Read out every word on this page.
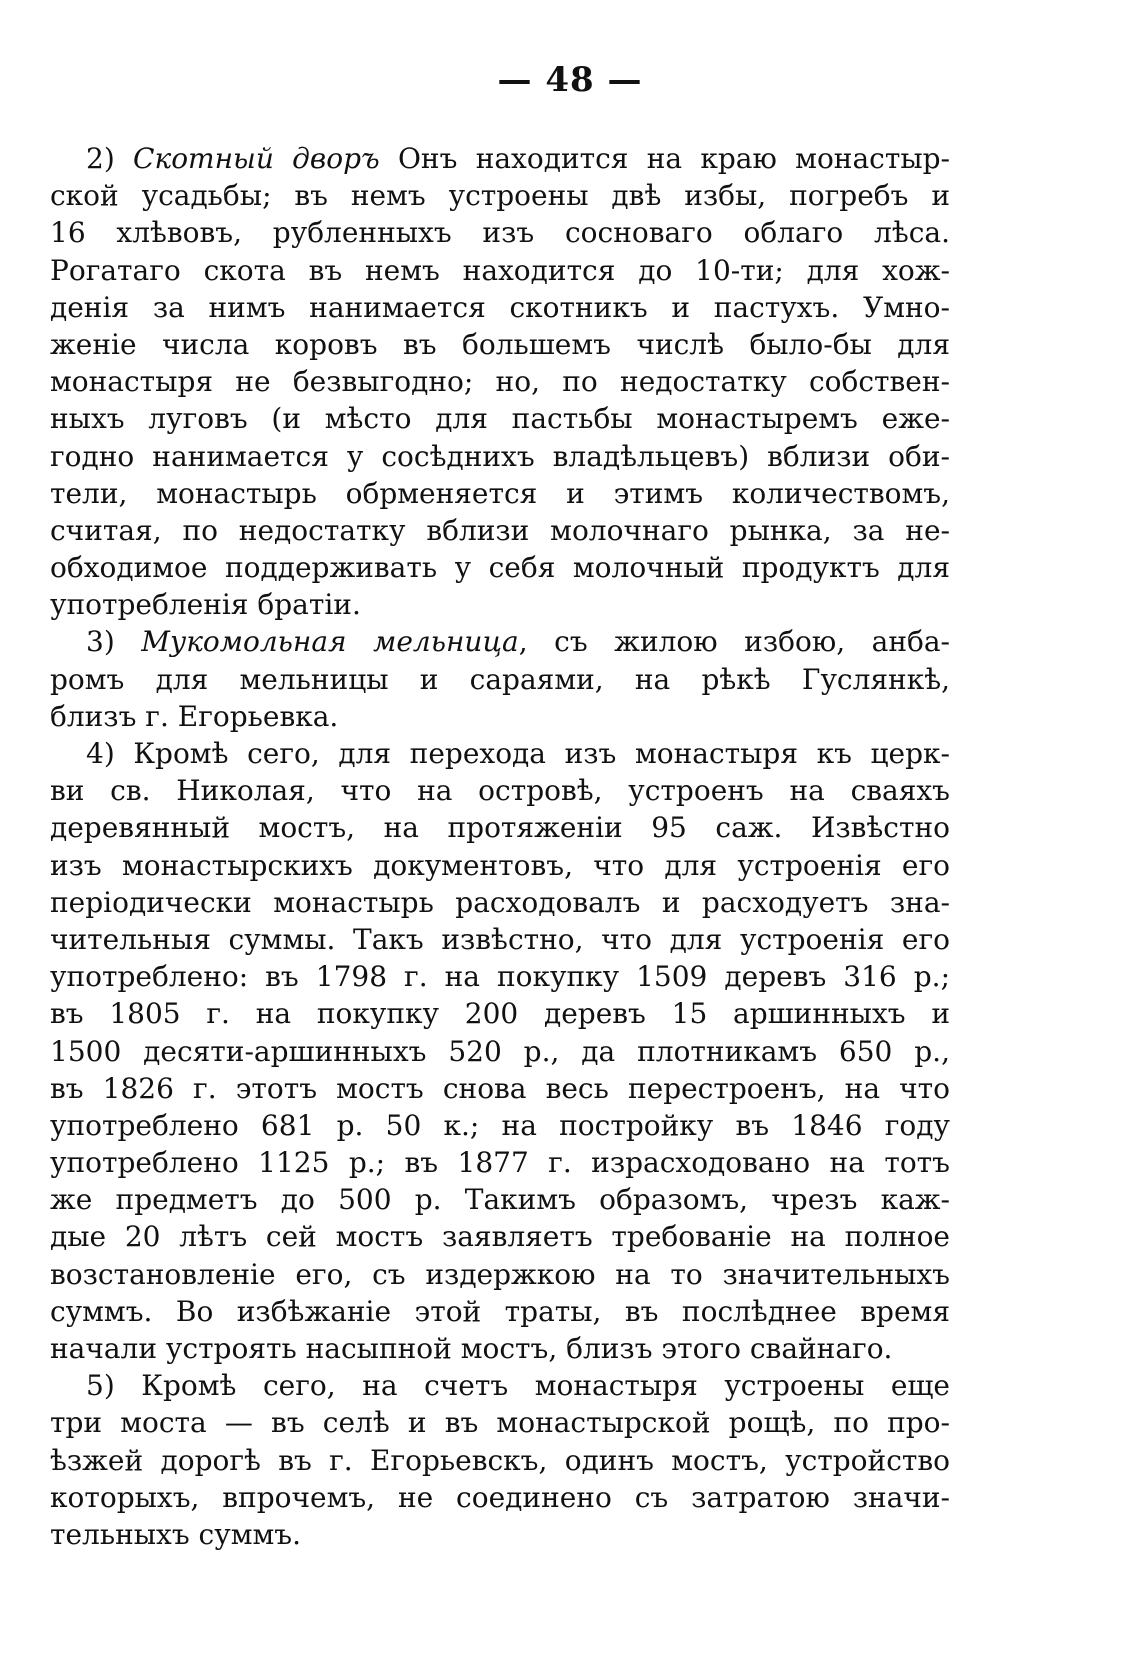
— 48 —
2) Скотный дворъ Онъ находится на краю монастыр-
ской усадьбы; въ немъ устроены двѣ избы, погребъ и
16 хлѣвовъ, рубленныхъ изъ сосноваго облаго лѣса.
Рогатаго скота въ немъ находится до 10-ти; для хож-
денія за нимъ нанимается скотникъ и пастухъ. Умно-
женіе числа коровъ въ большемъ числѣ было-бы для
монастыря не безвыгодно; но, по недостатку собствен-
ныхъ луговъ (и мѣсто для пастьбы монастыремъ еже-
годно нанимается у сосѣднихъ владѣльцевъ) вблизи оби-
тели, монастырь обрменяется и этимъ количествомъ,
считая, по недостатку вблизи молочнаго рынка, за не-
обходимое поддерживать у себя молочный продуктъ для
употребленія братіи.
3) Мукомольная мельница, съ жилою избою, анба-
ромъ для мельницы и сараями, на рѣкѣ Гуслянкѣ,
близъ г. Егорьевка.
4) Кромѣ сего, для перехода изъ монастыря къ церк-
ви св. Николая, что на островѣ, устроенъ на сваяхъ
деревянный мостъ, на протяженіи 95 саж. Извѣстно
изъ монастырскихъ документовъ, что для устроенія его
періодически монастырь расходовалъ и расходуетъ зна-
чительныя суммы. Такъ извѣстно, что для устроенія его
употреблено: въ 1798 г. на покупку 1509 деревъ 316 р.;
въ 1805 г. на покупку 200 деревъ 15 аршинныхъ и
1500 десяти-аршинныхъ 520 р., да плотникамъ 650 р.,
въ 1826 г. этотъ мостъ снова весь перестроенъ, на что
употреблено 681 р. 50 к.; на постройку въ 1846 году
употреблено 1125 р.; въ 1877 г. израсходовано на тотъ
же предметъ до 500 р. Такимъ образомъ, чрезъ каж-
дые 20 лѣтъ сей мостъ заявляетъ требованіе на полное
возстановленіе его, съ издержкою на то значительныхъ
суммъ. Во избѣжаніе этой траты, въ послѣднее время
начали устроять насыпной мостъ, близъ этого свайнаго.
5) Кромѣ сего, на счетъ монастыря устроены еще
три моста — въ селѣ и въ монастырской рощѣ, по про-
ѣзжей дорогѣ въ г. Егорьевскъ, одинъ мостъ, устройство
которыхъ, впрочемъ, не соединено съ затратою значи-
тельныхъ суммъ.
